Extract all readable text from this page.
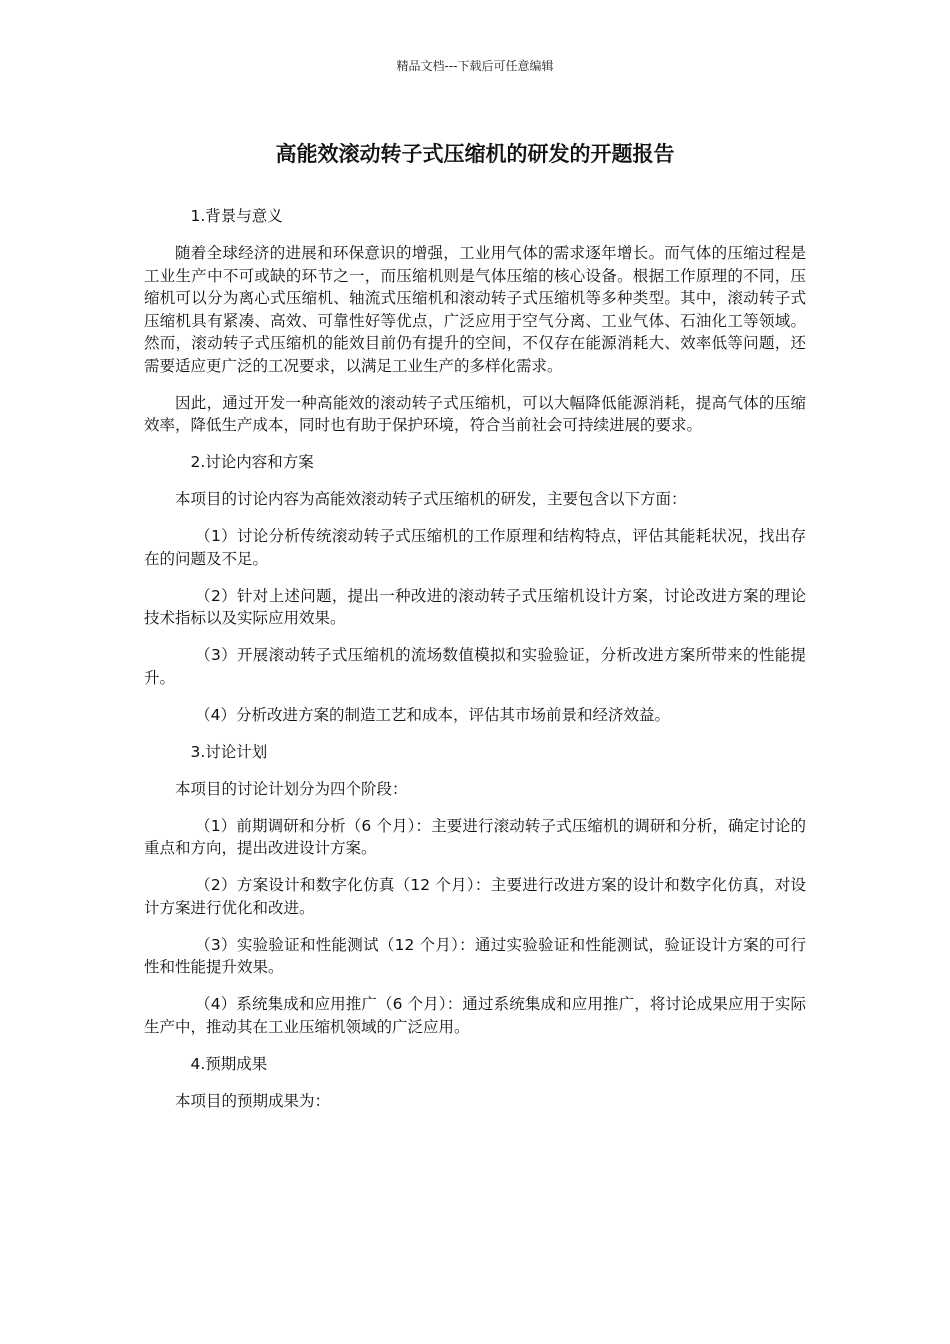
精品文档---下载后可任意编辑
高能效滚动转子式压缩机的研发的开题报告

1.背景与意义

随着全球经济的进展和环保意识的增强，工业用气体的需求逐年增长。而气体的压缩过程是工业生产中不可或缺的环节之一，而压缩机则是气体压缩的核心设备。根据工作原理的不同，压缩机可以分为离心式压缩机、轴流式压缩机和滚动转子式压缩机等多种类型。其中，滚动转子式压缩机具有紧凑、高效、可靠性好等优点，广泛应用于空气分离、工业气体、石油化工等领域。然而，滚动转子式压缩机的能效目前仍有提升的空间，不仅存在能源消耗大、效率低等问题，还需要适应更广泛的工况要求，以满足工业生产的多样化需求。

因此，通过开发一种高能效的滚动转子式压缩机，可以大幅降低能源消耗，提高气体的压缩效率，降低生产成本，同时也有助于保护环境，符合当前社会可持续进展的要求。

2.讨论内容和方案

本项目的讨论内容为高能效滚动转子式压缩机的研发，主要包含以下方面：

（1）讨论分析传统滚动转子式压缩机的工作原理和结构特点，评估其能耗状况，找出存在的问题及不足。

（2）针对上述问题，提出一种改进的滚动转子式压缩机设计方案，讨论改进方案的理论技术指标以及实际应用效果。

（3）开展滚动转子式压缩机的流场数值模拟和实验验证，分析改进方案所带来的性能提升。

（4）分析改进方案的制造工艺和成本，评估其市场前景和经济效益。

3.讨论计划

本项目的讨论计划分为四个阶段：

（1）前期调研和分析（6 个月）：主要进行滚动转子式压缩机的调研和分析，确定讨论的重点和方向，提出改进设计方案。

（2）方案设计和数字化仿真（12 个月）：主要进行改进方案的设计和数字化仿真，对设计方案进行优化和改进。

（3）实验验证和性能测试（12 个月）：通过实验验证和性能测试，验证设计方案的可行性和性能提升效果。

（4）系统集成和应用推广（6 个月）：通过系统集成和应用推广，将讨论成果应用于实际生产中，推动其在工业压缩机领域的广泛应用。

4.预期成果

本项目的预期成果为：
